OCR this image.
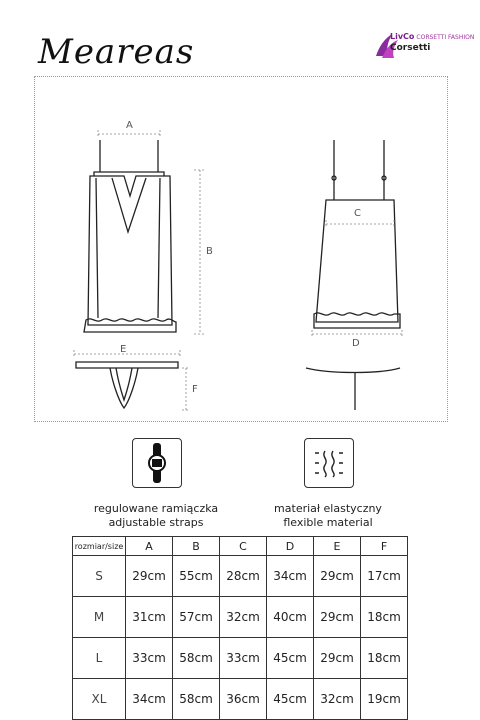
Meareas	LivCo CORSETTI FASHION
Corsetti
A
B
C
D
E
F
regulowane ramiączka
adjustable straps
materiał elastyczny
flexible material
rozmiar/size	A	B	C	D	E	F
S	29cm	55cm	28cm	34cm	29cm	17cm
M	31cm	57cm	32cm	40cm	29cm	18cm
L	33cm	58cm	33cm	45cm	29cm	18cm
XL	34cm	58cm	36cm	45cm	32cm	19cm
